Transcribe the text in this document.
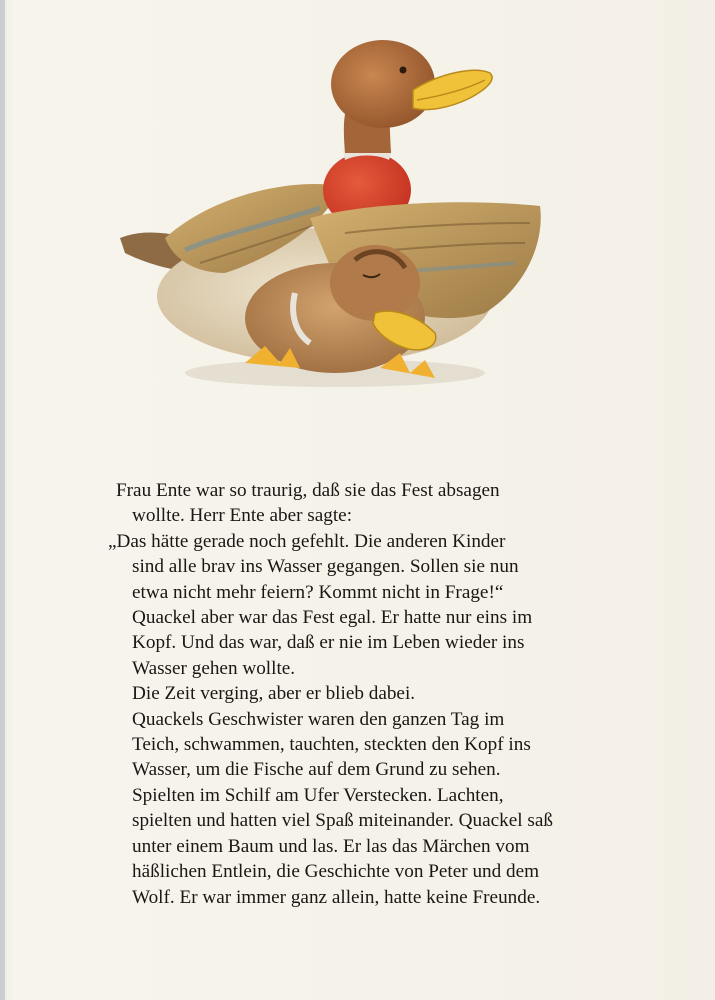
Frau Ente war so traurig, daß sie das Fest absagen
wollte. Herr Ente aber sagte:
„Das hätte gerade noch gefehlt. Die anderen Kinder
sind alle brav ins Wasser gegangen. Sollen sie nun
etwa nicht mehr feiern? Kommt nicht in Frage!“
Quackel aber war das Fest egal. Er hatte nur eins im
Kopf. Und das war, daß er nie im Leben wieder ins
Wasser gehen wollte.
Die Zeit verging, aber er blieb dabei.
Quackels Geschwister waren den ganzen Tag im
Teich, schwammen, tauchten, steckten den Kopf ins
Wasser, um die Fische auf dem Grund zu sehen.
Spielten im Schilf am Ufer Verstecken. Lachten,
spielten und hatten viel Spaß miteinander. Quackel saß
unter einem Baum und las. Er las das Märchen vom
häßlichen Entlein, die Geschichte von Peter und dem
Wolf. Er war immer ganz allein, hatte keine Freunde.
